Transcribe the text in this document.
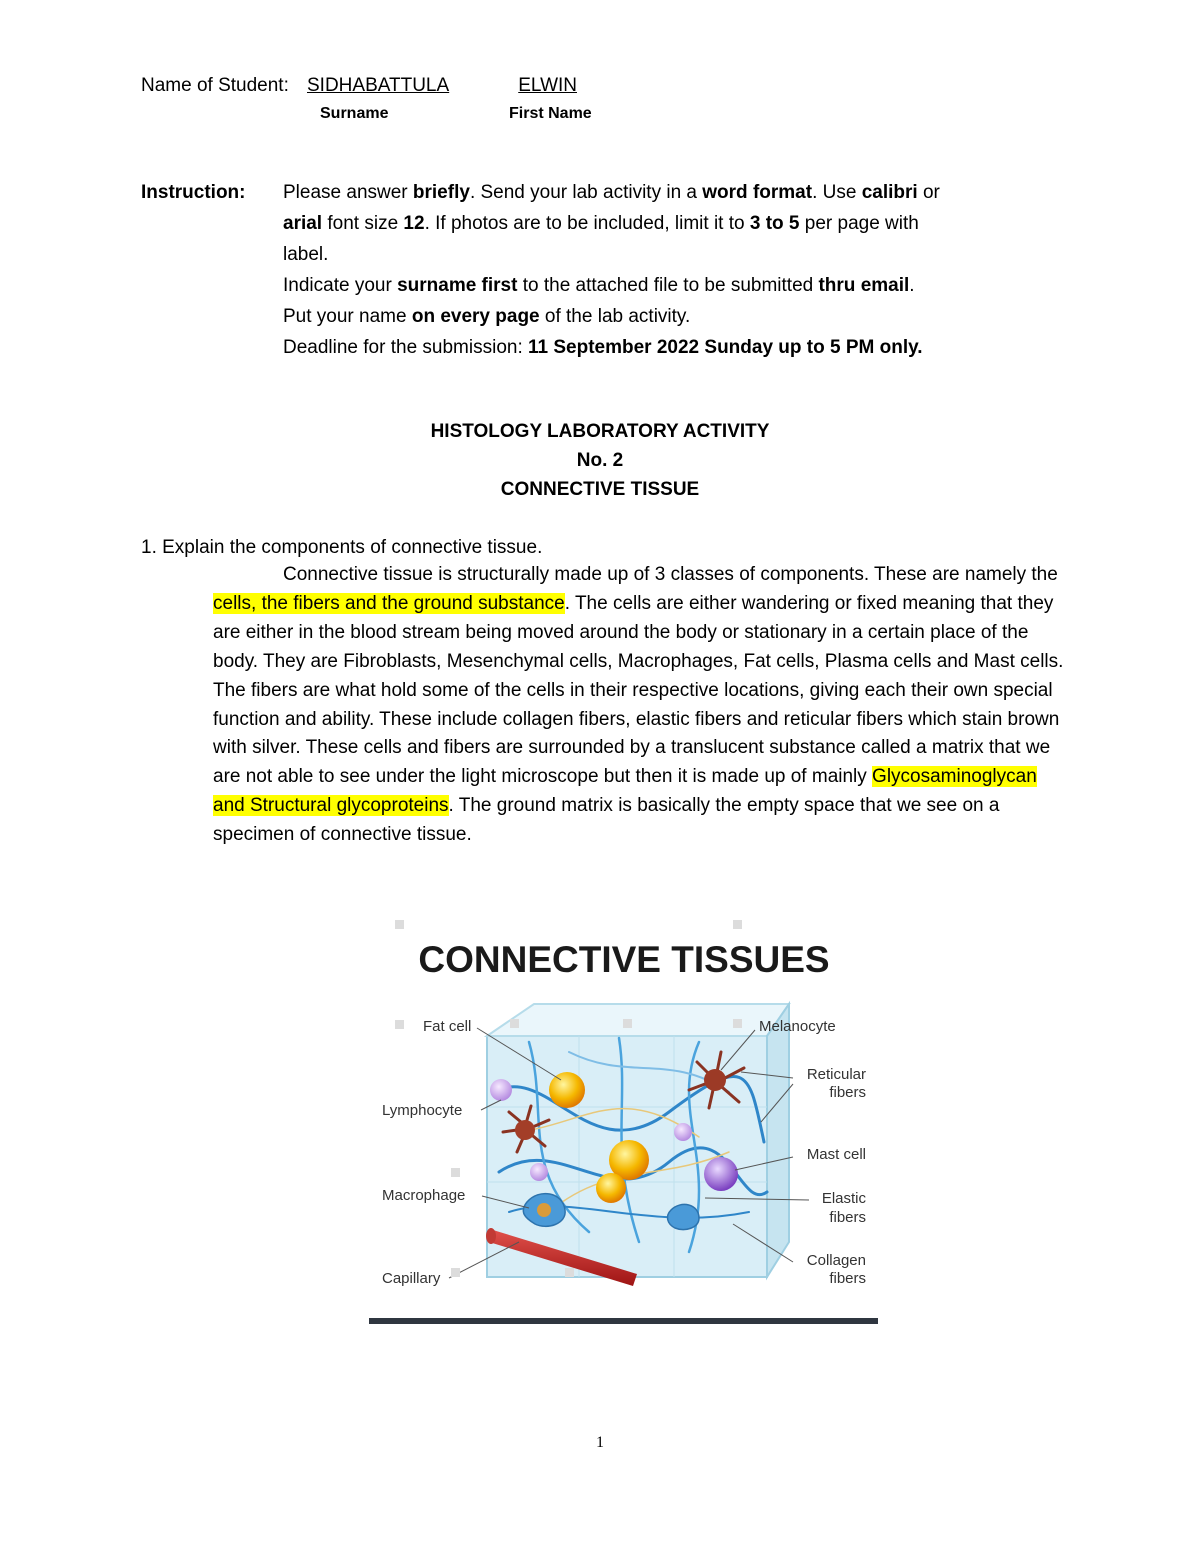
Name of Student: SIDHABATTULA	ELWIN
Surname	First Name
Instruction: Please answer briefly. Send your lab activity in a word format. Use calibri or
arial font size 12. If photos are to be included, limit it to 3 to 5 per page with
label.
Indicate your surname first to the attached file to be submitted thru email.
Put your name on every page of the lab activity.
Deadline for the submission: 11 September 2022 Sunday up to 5 PM only.
HISTOLOGY LABORATORY ACTIVITY
No. 2
CONNECTIVE TISSUE
1. Explain the components of connective tissue.

Connective tissue is structurally made up of 3 classes of components. These are namely the cells, the fibers and the ground substance. The cells are either wandering or fixed meaning that they are either in the blood stream being moved around the body or stationary in a certain place of the body. They are Fibroblasts, Mesenchymal cells, Macrophages, Fat cells, Plasma cells and Mast cells. The fibers are what hold some of the cells in their respective locations, giving each their own special function and ability. These include collagen fibers, elastic fibers and reticular fibers which stain brown with silver. These cells and fibers are surrounded by a translucent substance called a matrix that we are not able to see under the light microscope but then it is made up of mainly Glycosaminoglycan and Structural glycoproteins. The ground matrix is basically the empty space that we see on a specimen of connective tissue.

CONNECTIVE TISSUES
Fat cell	Melanocyte
Reticular
fibers
Lymphocyte
Mast cell
Macrophage	Elastic
fibers
Capillary
Collagen
fibers
1
